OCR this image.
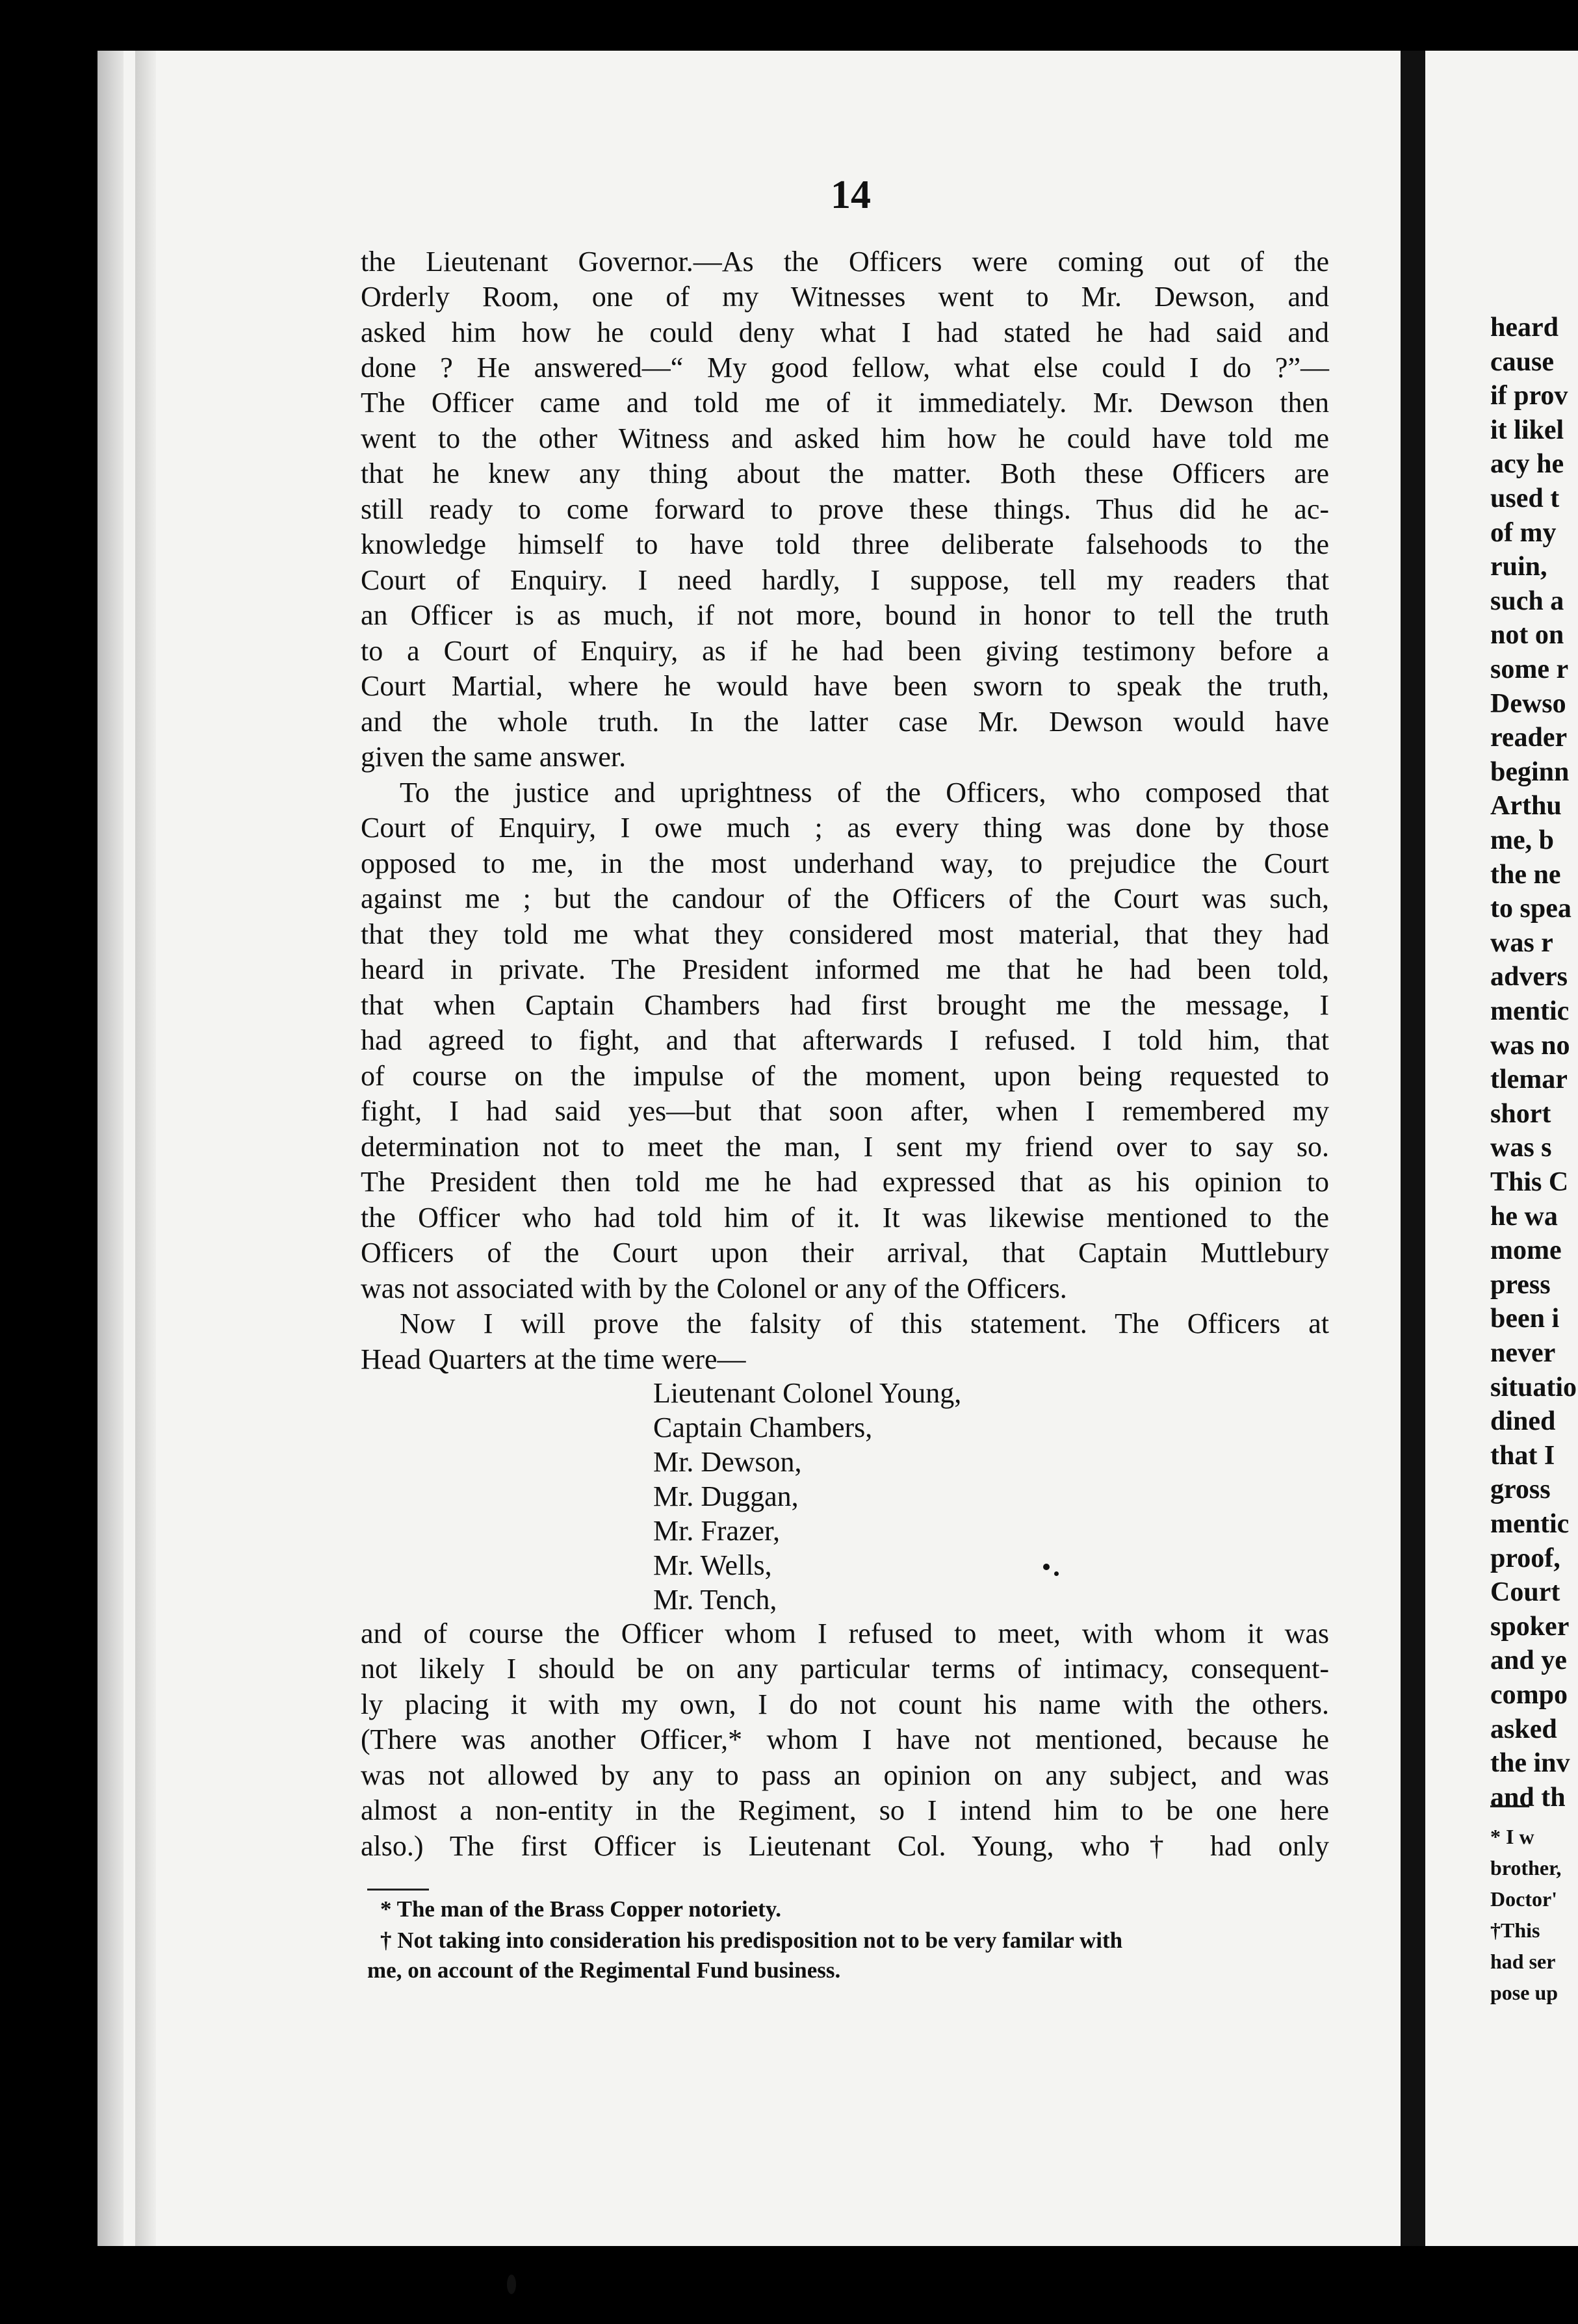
heard
cause
if prov
it likel
acy he
used t
of my
ruin,
such a
not on
some r
Dewso
reader
beginn
Arthu
me, b
the ne
to spea
was r
advers
mentic
was no
tlemar
short
was s
This C
he wa
mome
press
been i
never
situatio
dined
that I
gross
mentic
proof,
Court
spoker
and ye
compo
asked
the inv
and th
* I w
brother,
Doctor'
†This
had ser
pose up
14
the Lieutenant Governor.—As the Officers were coming out of the
Orderly Room, one of my Witnesses went to Mr. Dewson, and
asked him how he could deny what I had stated he had said and
done ? He answered—“ My good fellow, what else could I do ?”—
The Officer came and told me of it immediately. Mr. Dewson then
went to the other Witness and asked him how he could have told me
that he knew any thing about the matter. Both these Officers are
still ready to come forward to prove these things. Thus did he ac-
knowledge himself to have told three deliberate falsehoods to the
Court of Enquiry. I need hardly, I suppose, tell my readers that
an Officer is as much, if not more, bound in honor to tell the truth
to a Court of Enquiry, as if he had been giving testimony before a
Court Martial, where he would have been sworn to speak the truth,
and the whole truth. In the latter case Mr. Dewson would have
given the same answer.
To the justice and uprightness of the Officers, who composed that
Court of Enquiry, I owe much ; as every thing was done by those
opposed to me, in the most underhand way, to prejudice the Court
against me ; but the candour of the Officers of the Court was such,
that they told me what they considered most material, that they had
heard in private. The President informed me that he had been told,
that when Captain Chambers had first brought me the message, I
had agreed to fight, and that afterwards I refused. I told him, that
of course on the impulse of the moment, upon being requested to
fight, I had said yes—but that soon after, when I remembered my
determination not to meet the man, I sent my friend over to say so.
The President then told me he had expressed that as his opinion to
the Officer who had told him of it. It was likewise mentioned to the
Officers of the Court upon their arrival, that Captain Muttlebury
was not associated with by the Colonel or any of the Officers.
Now I will prove the falsity of this statement. The Officers at
Head Quarters at the time were—
Lieutenant Colonel Young,
Captain Chambers,
Mr. Dewson,
Mr. Duggan,
Mr. Frazer,
Mr. Wells,
Mr. Tench,
and of course the Officer whom I refused to meet, with whom it was
not likely I should be on any particular terms of intimacy, consequent-
ly placing it with my own, I do not count his name with the others.
(There was another Officer,* whom I have not mentioned, because he
was not allowed by any to pass an opinion on any subject, and was
almost a non-entity in the Regiment, so I intend him to be one here
also.) The first Officer is Lieutenant Col. Young, who† had only
* The man of the Brass Copper notoriety.
† Not taking into consideration his predisposition not to be very familar with
me, on account of the Regimental Fund business.
